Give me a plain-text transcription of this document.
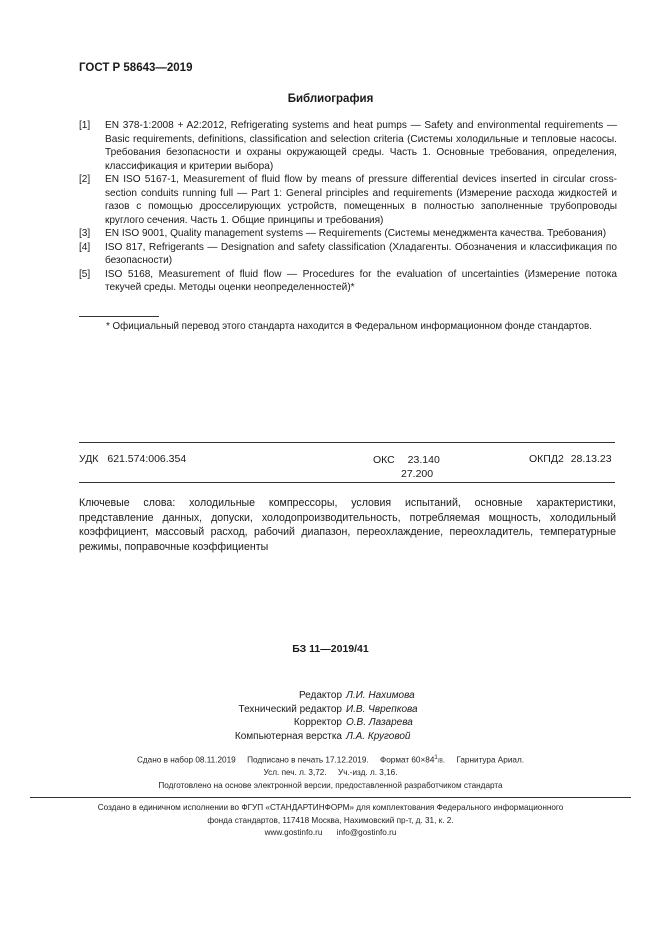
ГОСТ Р 58643—2019
Библиография
[1]	EN 378-1:2008 + A2:2012, Refrigerating systems and heat pumps — Safety and environmental requirements — Basic requirements, definitions, classification and selection criteria (Системы холодильные и тепловые насосы. Требования безопасности и охраны окружающей среды. Часть 1. Основные требования, определения, классификация и критерии выбора)
[2]	EN ISO 5167-1, Measurement of fluid flow by means of pressure differential devices inserted in circular cross-section conduits running full — Part 1: General principles and requirements (Измерение расхода жидкостей и газов с помощью дросселирующих устройств, помещенных в полностью заполненные трубопроводы круглого сечения. Часть 1. Общие принципы и требования)
[3]	EN ISO 9001, Quality management systems — Requirements (Системы менеджмента качества. Требования)
[4]	ISO 817, Refrigerants — Designation and safety classification (Хладагенты. Обозначения и классификация по безопасности)
[5]	ISO 5168, Measurement of fluid flow — Procedures for the evaluation of uncertainties (Измерение потока текучей среды. Методы оценки неопределенностей)*
* Официальный перевод этого стандарта находится в Федеральном информационном фонде стандартов.
УДК 621.574:006.354	ОКС 23.140
27.200
ОКПД2 28.13.23
Ключевые слова: холодильные компрессоры, условия испытаний, основные характеристики, представление данных, допуски, холодопроизводительность, потребляемая мощность, холодильный коэффициент, массовый расход, рабочий диапазон, переохлаждение, переохладитель, температурные режимы, поправочные коэффициенты
БЗ 11—2019/41
Редактор Л.И. Нахимова
Технический редактор И.В. Чврепкова
Корректор О.В. Лазарева
Компьютерная верстка Л.А. Круговой
Сдано в набор 08.11.2019     Подписано в печать 17.12.2019.     Формат $60\times 84^1/8$.     Гарнитура Ариал.
Усл. печ. л. 3,72.     Уч.-изд. л. 3,16.
Подготовлено на основе электронной версии, предоставленной разработчиком стандарта
Создано в единичном исполнении во ФГУП «СТАНДАРТИНФОРМ» для комплектования Федерального информационного
фонда стандартов, 117418 Москва, Нахимовский пр-т, д. 31, к. 2.
www.gostinfo.ru info@gostinfo.ru
